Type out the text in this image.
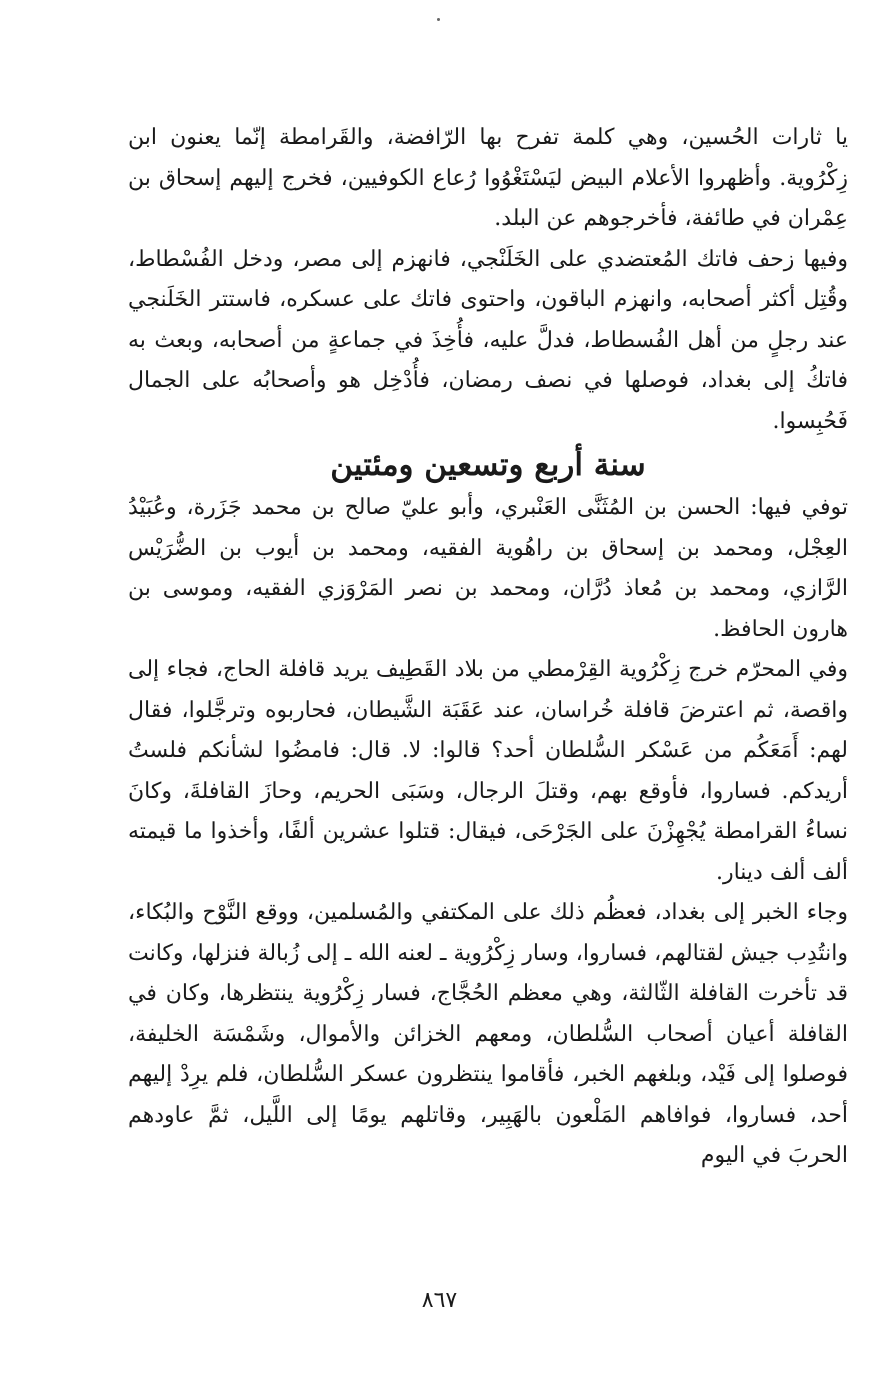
يا ثارات الحُسين، وهي كلمة تفرح بها الرّافضة، والقَرامطة إنّما يعنون ابن زِكْرُوية. وأظهروا الأعلام البيض ليَسْتَغْوُوا رُعاع الكوفيين، فخرج إليهم إسحاق بن عِمْران في طائفة، فأخرجوهم عن البلد.

وفيها زحف فاتك المُعتضدي على الخَلَنْجي، فانهزم إلى مصر، ودخل الفُسْطاط، وقُتِل أكثر أصحابه، وانهزم الباقون، واحتوى فاتك على عسكره، فاستتر الخَلَنجي عند رجلٍ من أهل الفُسطاط، فدلَّ عليه، فأُخِذَ في جماعةٍ من أصحابه، وبعث به فاتكُ إلى بغداد، فوصلها في نصف رمضان، فأُدْخِل هو وأصحابُه على الجمال فَحُبِسوا.

سنة أربع وتسعين ومئتين

توفي فيها: الحسن بن المُثَنَّى العَنْبري، وأبو عليّ صالح بن محمد جَزَرة، وعُبَيْدُ العِجْل، ومحمد بن إسحاق بن راهُوية الفقيه، ومحمد بن أيوب بن الضُّرَيْس الرَّازي، ومحمد بن مُعاذ دُرَّان، ومحمد بن نصر المَرْوَزي الفقيه، وموسى بن هارون الحافظ.

وفي المحرّم خرج زِكْرُوية القِرْمطي من بلاد القَطِيف يريد قافلة الحاج، فجاء إلى واقصة، ثم اعترضَ قافلة خُراسان، عند عَقَبَة الشَّيطان، فحاربوه وترجَّلوا، فقال لهم: أَمَعَكُم من عَسْكر السُّلطان أحد؟ قالوا: لا. قال: فامضُوا لشأنكم فلستُ أريدكم. فساروا، فأوقع بهم، وقتلَ الرجال، وسَبَى الحريم، وحازَ القافلةَ، وكانَ نساءُ القرامطة يُجْهِزْنَ على الجَرْحَى، فيقال: قتلوا عشرين ألفًا، وأخذوا ما قيمته ألف ألف دينار.

وجاء الخبر إلى بغداد، فعظُم ذلك على المكتفي والمُسلمين، ووقع النَّوْح والبُكاء، وانتُدِب جيش لقتالهم، فساروا، وسار زِكْرُوية ـ لعنه الله ـ إلى زُبالة فنزلها، وكانت قد تأخرت القافلة الثّالثة، وهي معظم الحُجَّاج، فسار زِكْرُوية ينتظرها، وكان في القافلة أعيان أصحاب السُّلطان، ومعهم الخزائن والأموال، وشَمْسَة الخليفة، فوصلوا إلى فَيْد، وبلغهم الخبر، فأقاموا ينتظرون عسكر السُّلطان، فلم يرِدْ إليهم أحد، فساروا، فوافاهم المَلْعون بالهَبِير، وقاتلهم يومًا إلى اللَّيل، ثمَّ عاودهم الحربَ في اليوم

٨٦٧
